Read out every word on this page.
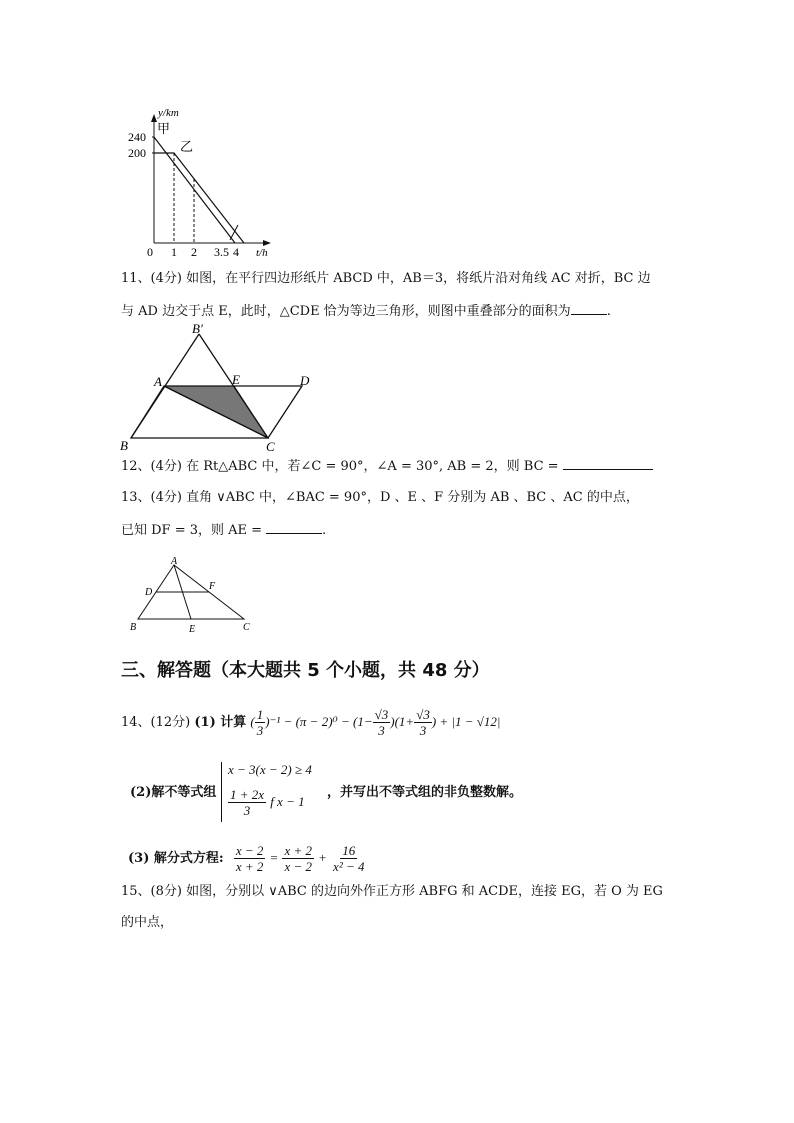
y/km
240
200
甲
乙
0 1 2 3.5 4 t/h
11、(4分) 如图，在平行四边形纸片 ABCD 中，AB＝3，将纸片沿对角线 AC 对折，BC 边
与 AD 边交于点 E，此时，△CDE 恰为等边三角形，则图中重叠部分的面积为	.
B′
A	E	D
B	C
12、(4分) 在 Rt△ABC 中，若∠C = 90°，∠A = 30°, AB = 2，则 BC =
13、(4分) 直角 ∨ABC 中，∠BAC = 90°，D 、E 、F 分别为 AB 、BC 、AC 的中点，
已知 DF = 3，则 AE =	.
A
D
F
B	E	C
三、解答题（本大题共 5 个小题，共 48 分）
14、(12分) (1) 计算 ( $\frac{1}{3} )^{-1} - (\pi - 2)^0 - (1- \frac{√3}{3} )(1+ \frac{√3}{3}$ ) + |1 − √12|
(2)解不等式组
x − 3(x − 2) ≥ 4
$\frac{1 + 2x}{3}$ f x − 1
，并写出不等式组的非负整数解。
(3) 解分式方程: $\frac{x - 2}{x + 2} = \frac{x + 2}{x - 2} + \frac{16}{\text{x² − 4}}$
15、(8分) 如图，分别以 ∨ABC 的边向外作正方形 ABFG 和 ACDE，连接 EG，若 O 为 EG
的中点，
